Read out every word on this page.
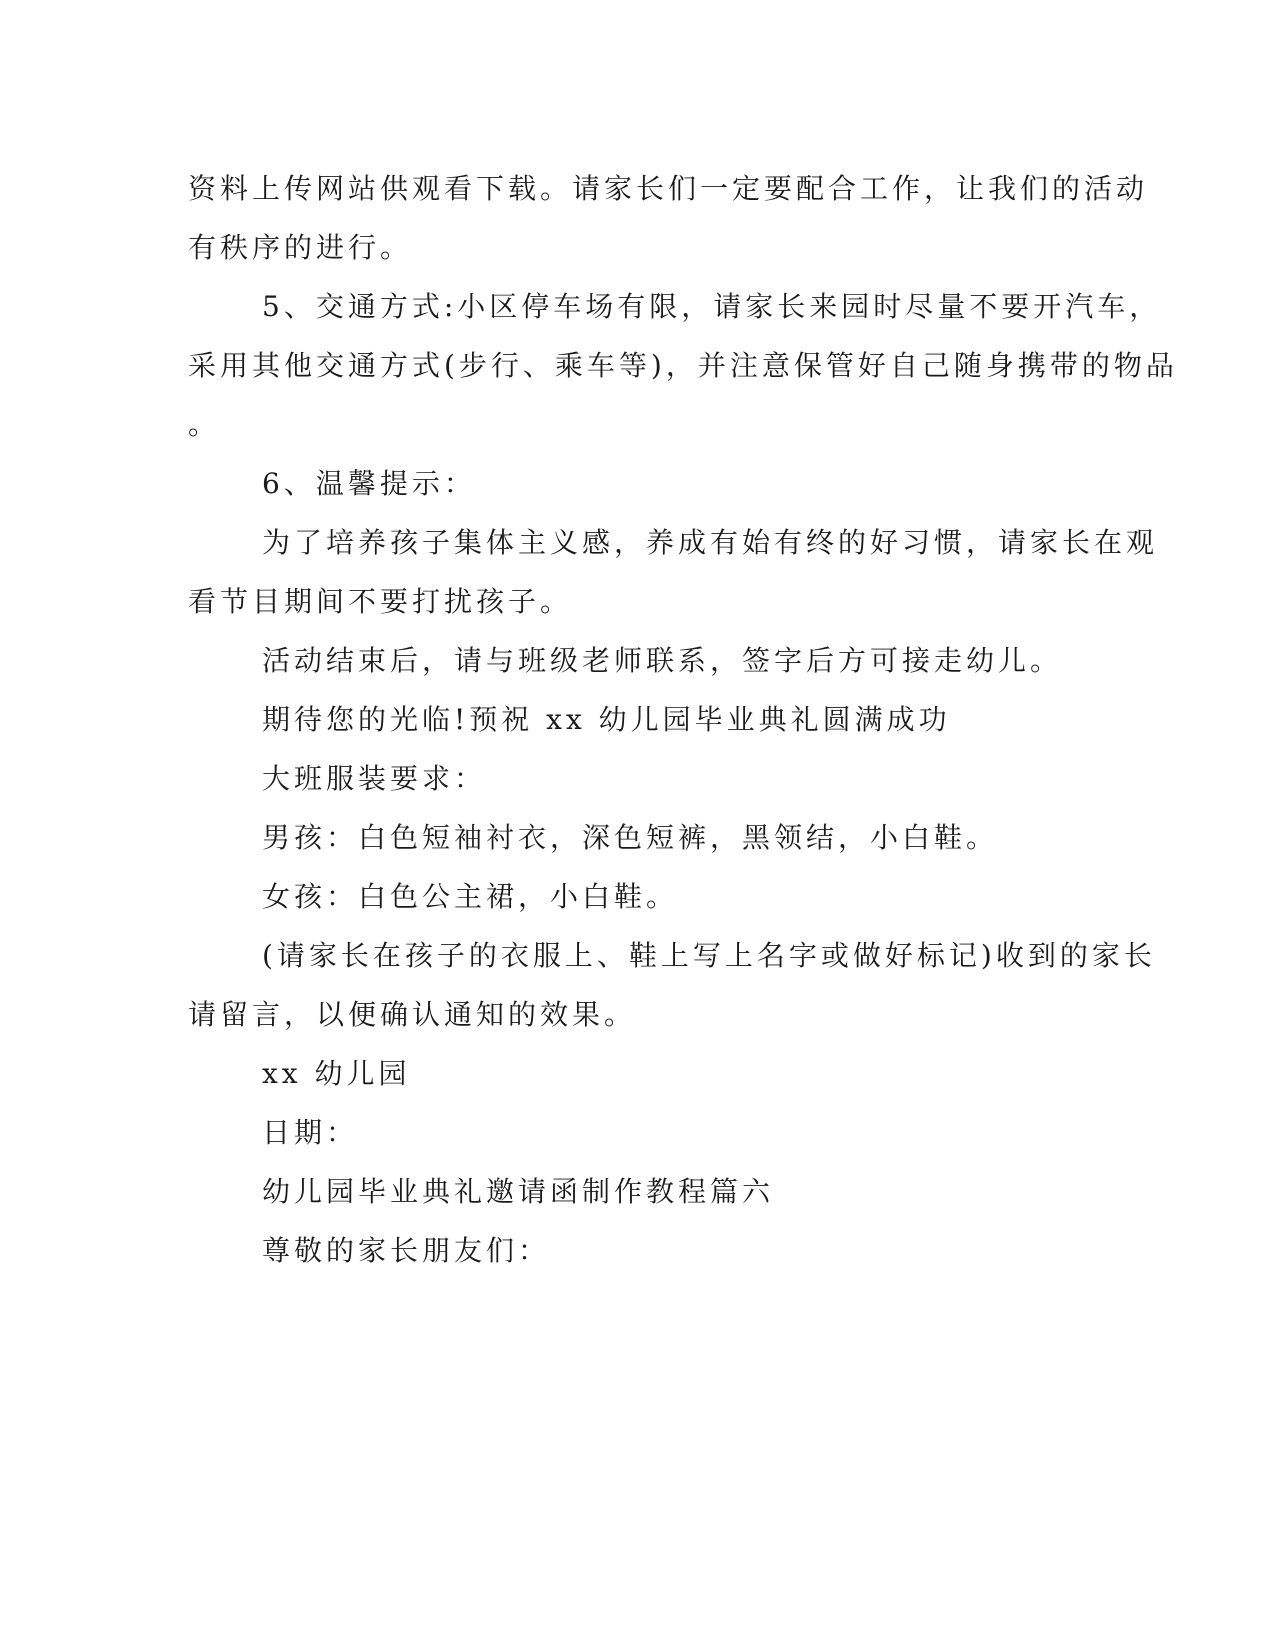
资料上传网站供观看下载。请家长们一定要配合工作，让我们的活动
有秩序的进行。
5、交通方式:小区停车场有限，请家长来园时尽量不要开汽车，
采用其他交通方式(步行、乘车等)，并注意保管好自己随身携带的物品
。
6、温馨提示：
为了培养孩子集体主义感，养成有始有终的好习惯，请家长在观
看节目期间不要打扰孩子。
活动结束后，请与班级老师联系，签字后方可接走幼儿。
期待您的光临!预祝 xx 幼儿园毕业典礼圆满成功
大班服装要求：
男孩：白色短袖衬衣，深色短裤，黑领结，小白鞋。
女孩：白色公主裙，小白鞋。
(请家长在孩子的衣服上、鞋上写上名字或做好标记)收到的家长
请留言，以便确认通知的效果。
xx 幼儿园
日期：
幼儿园毕业典礼邀请函制作教程篇六
尊敬的家长朋友们：
